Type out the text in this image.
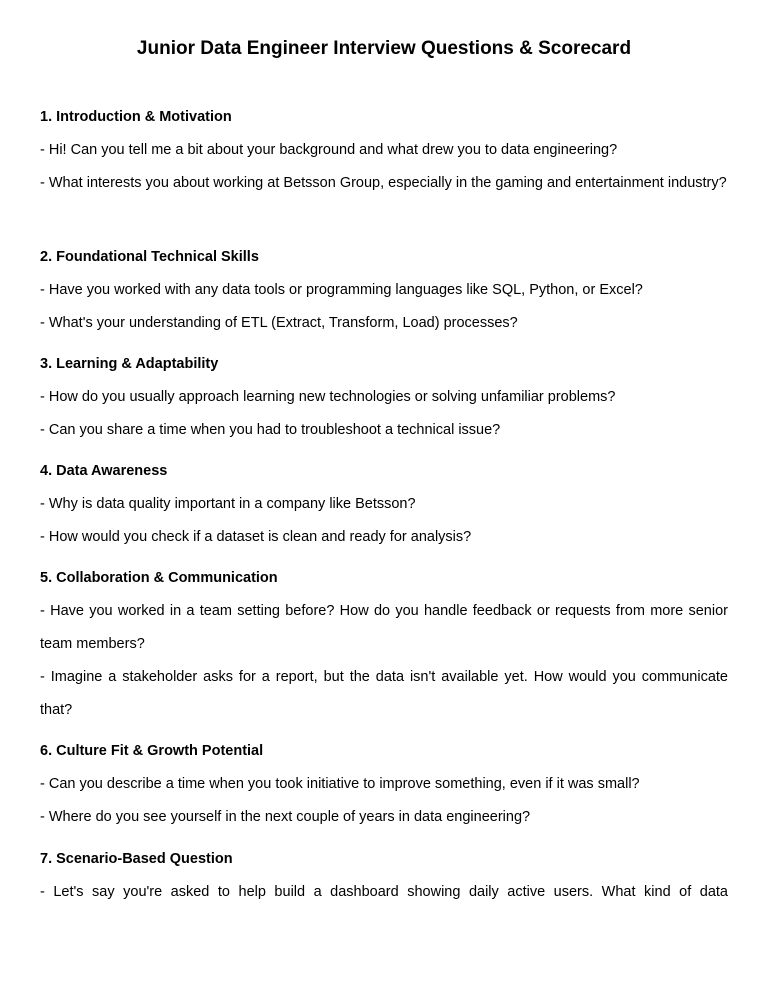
Junior Data Engineer Interview Questions & Scorecard
1. Introduction & Motivation

- Hi! Can you tell me a bit about your background and what drew you to data engineering?

- What interests you about working at Betsson Group, especially in the gaming and entertainment industry?

2. Foundational Technical Skills

- Have you worked with any data tools or programming languages like SQL, Python, or Excel?

- What's your understanding of ETL (Extract, Transform, Load) processes?

3. Learning & Adaptability

- How do you usually approach learning new technologies or solving unfamiliar problems?

- Can you share a time when you had to troubleshoot a technical issue?

4. Data Awareness

- Why is data quality important in a company like Betsson?

- How would you check if a dataset is clean and ready for analysis?

5. Collaboration & Communication

- Have you worked in a team setting before? How do you handle feedback or requests from more senior team members?

- Imagine a stakeholder asks for a report, but the data isn't available yet. How would you communicate that?

6. Culture Fit & Growth Potential

- Can you describe a time when you took initiative to improve something, even if it was small?

- Where do you see yourself in the next couple of years in data engineering?

7. Scenario-Based Question

- Let's say you're asked to help build a dashboard showing daily active users. What kind of data
